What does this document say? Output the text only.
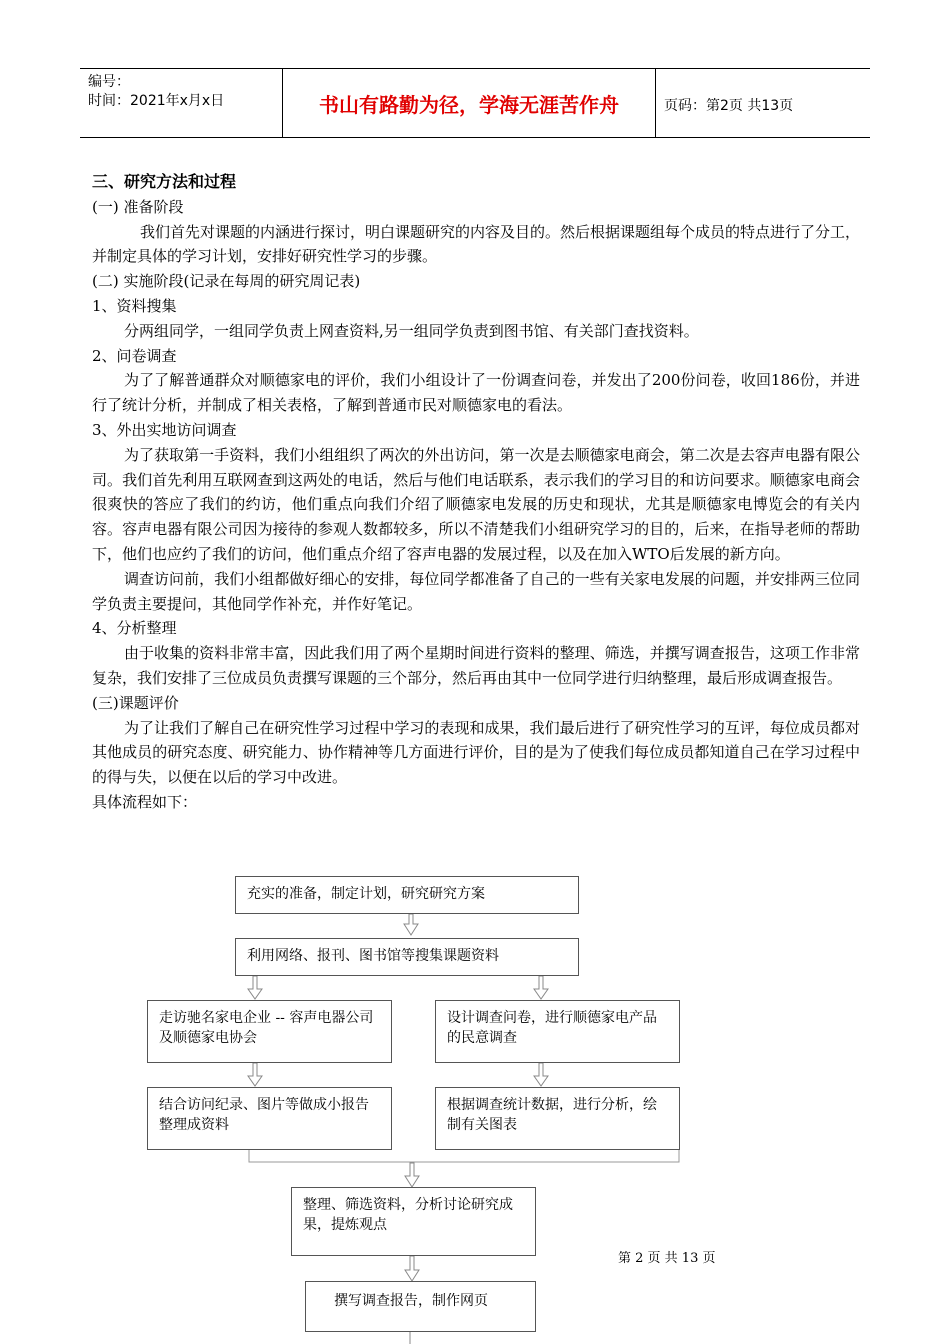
编号：
时间：2021年x月x日	书山有路勤为径，学海无涯苦作舟	页码：第2页 共13页

三、研究方法和过程

(一) 准备阶段

我们首先对课题的内涵进行探讨，明白课题研究的内容及目的。然后根据课题组每个成员的特点进行了分工，并制定具体的学习计划，安排好研究性学习的步骤。

(二) 实施阶段(记录在每周的研究周记表)

1、资料搜集

分两组同学，一组同学负责上网查资料,另一组同学负责到图书馆、有关部门查找资料。

2、问卷调查

为了了解普通群众对顺德家电的评价，我们小组设计了一份调查问卷，并发出了200份问卷，收回186份，并进行了统计分析，并制成了相关表格，了解到普通市民对顺德家电的看法。

3、外出实地访问调查

为了获取第一手资料，我们小组组织了两次的外出访问，第一次是去顺德家电商会，第二次是去容声电器有限公司。我们首先利用互联网查到这两处的电话，然后与他们电话联系，表示我们的学习目的和访问要求。顺德家电商会很爽快的答应了我们的约访，他们重点向我们介绍了顺德家电发展的历史和现状，尤其是顺德家电博览会的有关内容。容声电器有限公司因为接待的参观人数都较多，所以不清楚我们小组研究学习的目的，后来，在指导老师的帮助下，他们也应约了我们的访问，他们重点介绍了容声电器的发展过程，以及在加入WTO后发展的新方向。

调查访问前，我们小组都做好细心的安排，每位同学都准备了自己的一些有关家电发展的问题，并安排两三位同学负责主要提问，其他同学作补充，并作好笔记。

4、分析整理

由于收集的资料非常丰富，因此我们用了两个星期时间进行资料的整理、筛选，并撰写调查报告，这项工作非常复杂，我们安排了三位成员负责撰写课题的三个部分，然后再由其中一位同学进行归纳整理，最后形成调查报告。

(三)课题评价

为了让我们了解自己在研究性学习过程中学习的表现和成果，我们最后进行了研究性学习的互评，每位成员都对其他成员的研究态度、研究能力、协作精神等几方面进行评价，目的是为了使我们每位成员都知道自己在学习过程中的得与失，以便在以后的学习中改进。

具体流程如下：

充实的准备，制定计划，研究研究方案
利用网络、报刊、图书馆等搜集课题资料
走访驰名家电企业 -- 容声电器公司及顺德家电协会
设计调查问卷，进行顺德家电产品的民意调查
结合访问纪录、图片等做成小报告整理成资料
根据调查统计数据，进行分析，绘制有关图表
整理、筛选资料，分析讨论研究成果，提炼观点
撰写调查报告，制作网页
第 2 页 共 13 页
